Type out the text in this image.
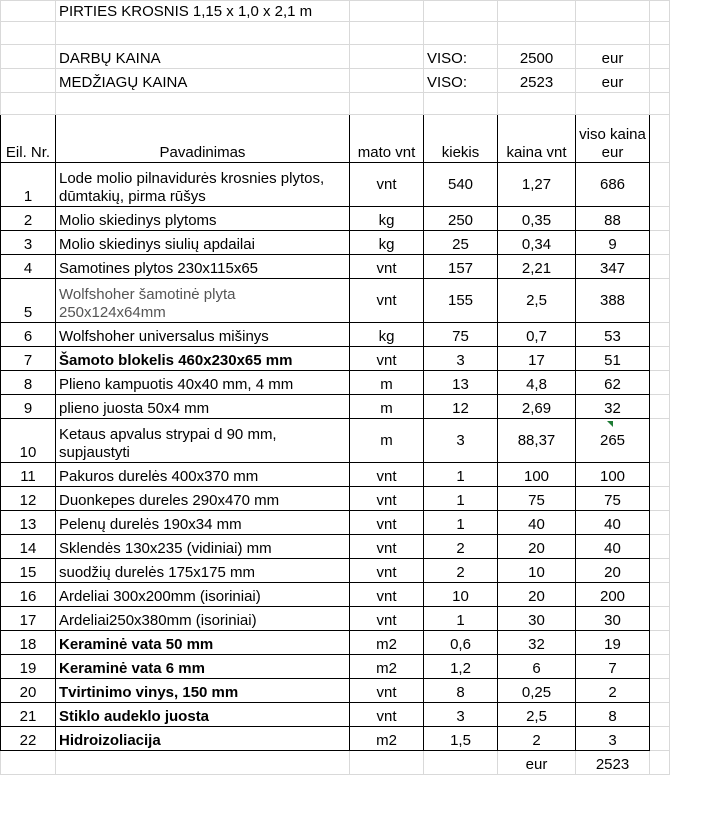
	PIRTIES KROSNIS 1,15 x 1,0 x 2,1 m					

	DARBŲ KAINA		VISO:	2500	eur	
	MEDŽIAGŲ KAINA		VISO:	2523	eur	

Eil. Nr.	Pavadinimas	mato vnt	kiekis	kaina vnt	viso kaina eur	
1	Lode molio pilnavidurės krosnies plytos, dūmtakių, pirma rūšys	vnt	540	1,27	686	
2	Molio skiedinys plytoms	kg	250	0,35	88	
3	Molio skiedinys siulių apdailai	kg	25	0,34	9	
4	Samotines plytos 230x115x65	vnt	157	2,21	347	
5	Wolfshoher šamotinė plyta 250x124x64mm	vnt	155	2,5	388	
6	Wolfshoher universalus mišinys	kg	75	0,7	53	
7	Šamoto blokelis 460x230x65 mm	vnt	3	17	51	
8	Plieno kampuotis 40x40 mm, 4 mm	m	13	4,8	62	
9	plieno juosta 50x4 mm	m	12	2,69	32	
10	Ketaus apvalus strypai d 90 mm, supjaustyti	m	3	88,37	265	
11	Pakuros durelės 400x370 mm	vnt	1	100	100	
12	Duonkepes dureles 290x470 mm	vnt	1	75	75	
13	Pelenų durelės 190x34 mm	vnt	1	40	40	
14	Sklendės 130x235 (vidiniai) mm	vnt	2	20	40	
15	suodžių durelės 175x175 mm	vnt	2	10	20	
16	Ardeliai 300x200mm (isoriniai)	vnt	10	20	200	
17	Ardeliai250x380mm (isoriniai)	vnt	1	30	30	
18	Keraminė vata 50 mm	m2	0,6	32	19	
19	Keraminė vata 6 mm	m2	1,2	6	7	
20	Tvirtinimo vinys, 150 mm	vnt	8	0,25	2	
21	Stiklo audeklo juosta	vnt	3	2,5	8	
22	Hidroizoliacija	m2	1,5	2	3	
				eur	2523	
